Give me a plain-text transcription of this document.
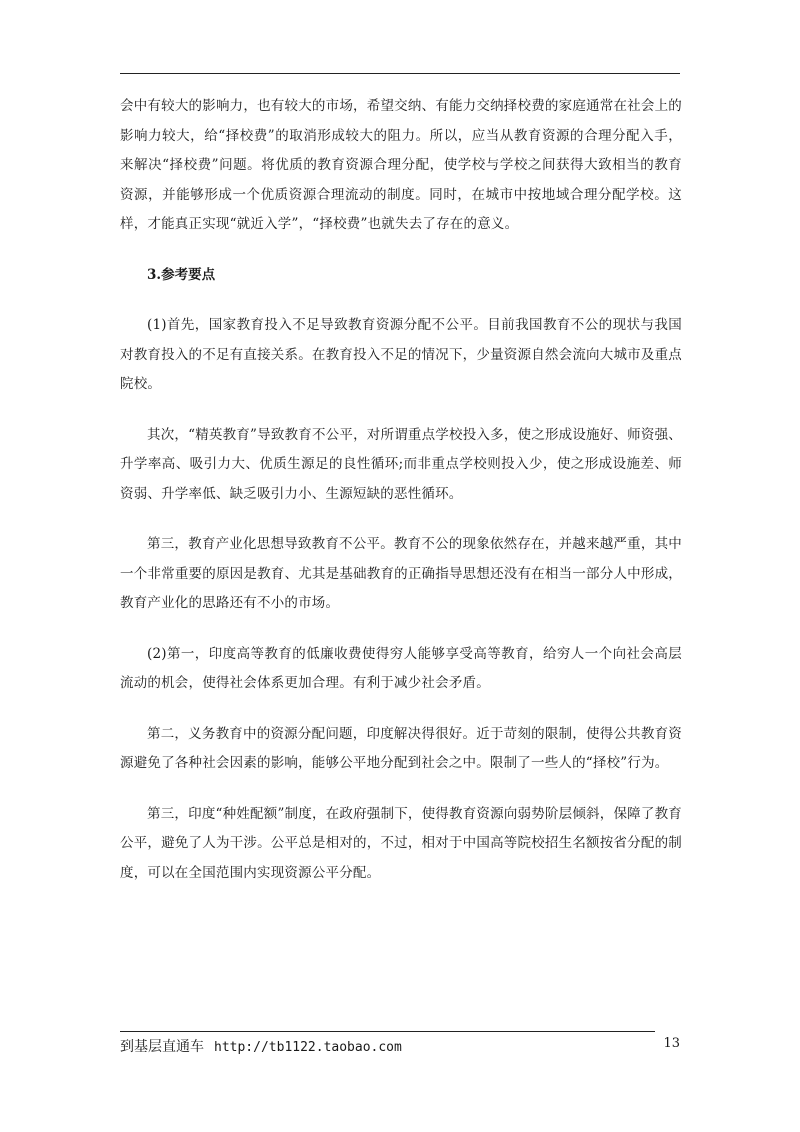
会中有较大的影响力，也有较大的市场，希望交纳、有能力交纳择校费的家庭通常在社会上的影响力较大，给“择校费”的取消形成较大的阻力。所以，应当从教育资源的合理分配入手，来解决“择校费”问题。将优质的教育资源合理分配，使学校与学校之间获得大致相当的教育资源，并能够形成一个优质资源合理流动的制度。同时，在城市中按地域合理分配学校。这样，才能真正实现“就近入学”，“择校费”也就失去了存在的意义。

3.参考要点

(1)首先，国家教育投入不足导致教育资源分配不公平。目前我国教育不公的现状与我国对教育投入的不足有直接关系。在教育投入不足的情况下，少量资源自然会流向大城市及重点院校。

其次，“精英教育”导致教育不公平，对所谓重点学校投入多，使之形成设施好、师资强、升学率高、吸引力大、优质生源足的良性循环;而非重点学校则投入少，使之形成设施差、师资弱、升学率低、缺乏吸引力小、生源短缺的恶性循环。

第三，教育产业化思想导致教育不公平。教育不公的现象依然存在，并越来越严重，其中一个非常重要的原因是教育、尤其是基础教育的正确指导思想还没有在相当一部分人中形成，教育产业化的思路还有不小的市场。

(2)第一，印度高等教育的低廉收费使得穷人能够享受高等教育，给穷人一个向社会高层流动的机会，使得社会体系更加合理。有利于减少社会矛盾。

第二，义务教育中的资源分配问题，印度解决得很好。近于苛刻的限制，使得公共教育资源避免了各种社会因素的影响，能够公平地分配到社会之中。限制了一些人的“择校”行为。

第三，印度“种姓配额”制度，在政府强制下，使得教育资源向弱势阶层倾斜，保障了教育公平，避免了人为干涉。公平总是相对的，不过，相对于中国高等院校招生名额按省分配的制度，可以在全国范围内实现资源公平分配。

到基层直通车 http://tb1122.taobao.com	13
